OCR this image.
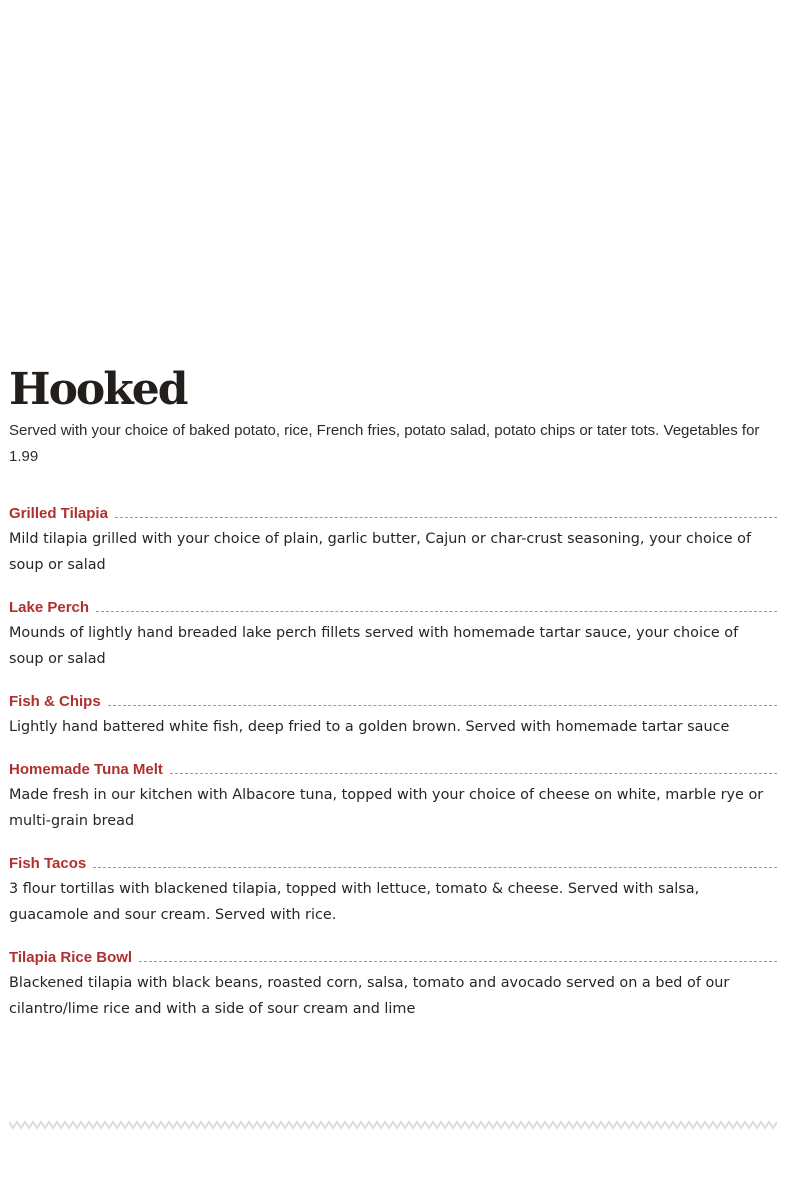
Hooked

Served with your choice of baked potato, rice, French fries, potato salad, potato chips or tater tots. Vegetables for 1.99

Grilled Tilapia

Mild tilapia grilled with your choice of plain, garlic butter, Cajun or char-crust seasoning, your choice of soup or salad

Lake Perch

Mounds of lightly hand breaded lake perch fillets served with homemade tartar sauce, your choice of soup or salad

Fish & Chips

Lightly hand battered white fish, deep fried to a golden brown. Served with homemade tartar sauce

Homemade Tuna Melt

Made fresh in our kitchen with Albacore tuna, topped with your choice of cheese on white, marble rye or multi-grain bread

Fish Tacos

3 flour tortillas with blackened tilapia, topped with lettuce, tomato & cheese. Served with salsa, guacamole and sour cream. Served with rice.

Tilapia Rice Bowl

Blackened tilapia with black beans, roasted corn, salsa, tomato and avocado served on a bed of our cilantro/lime rice and with a side of sour cream and lime
